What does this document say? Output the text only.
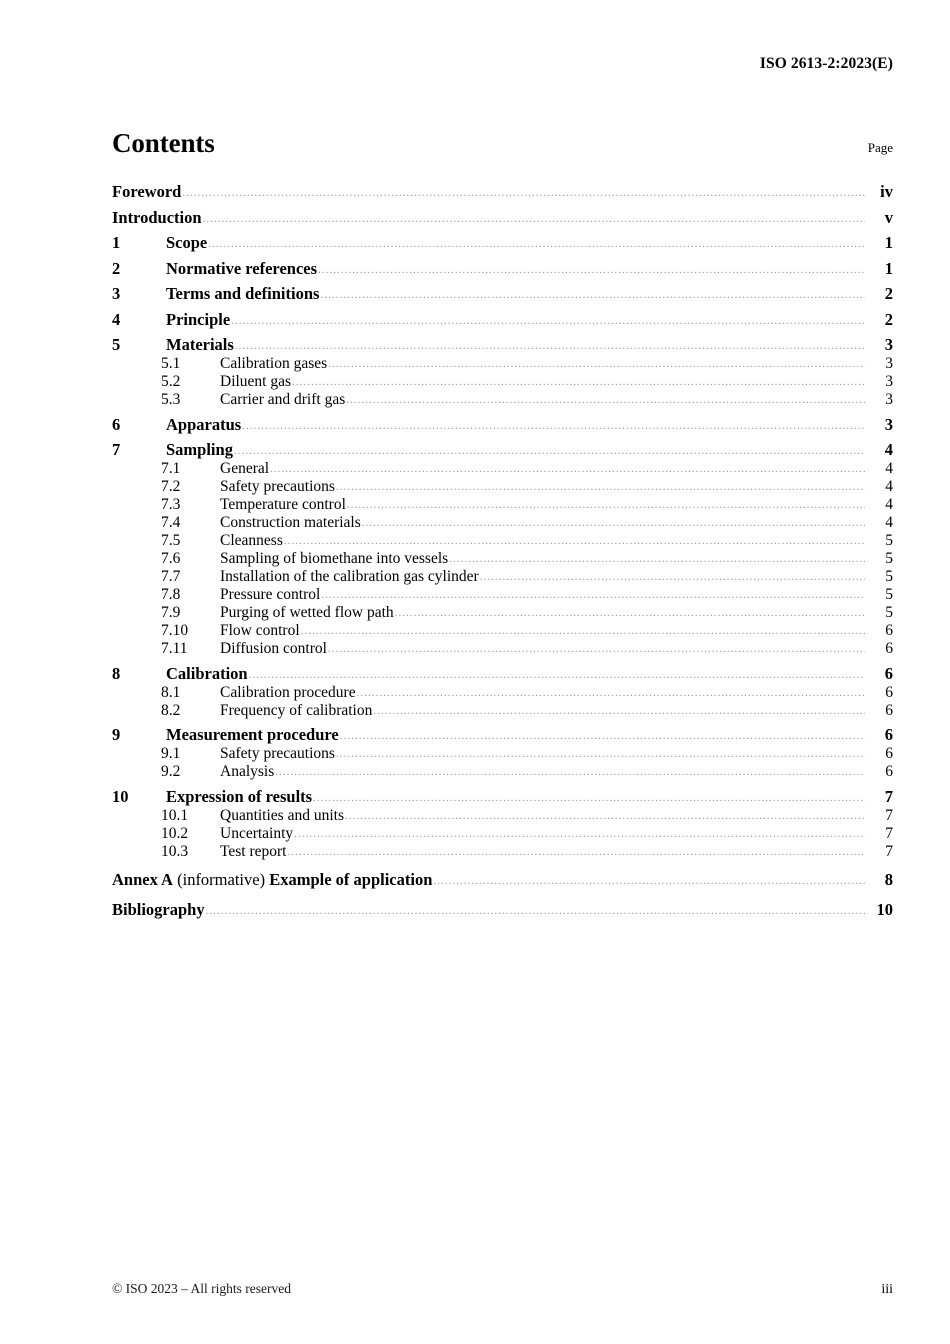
ISO 2613-2:2023(E)
Contents	Page
Foreword .....	iv
Introduction .....	v
1	Scope .....	1
2	Normative references .....	1
3	Terms and definitions .....	2
4	Principle .....	2
5	Materials .....	3
5.1	Calibration gases .....	3
5.2	Diluent gas .....	3
5.3	Carrier and drift gas .....	3
6	Apparatus .....	3
7	Sampling .....	4
7.1	General .....	4
7.2	Safety precautions .....	4
7.3	Temperature control .....	4
7.4	Construction materials .....	4
7.5	Cleanness .....	5
7.6	Sampling of biomethane into vessels .....	5
7.7	Installation of the calibration gas cylinder .....	5
7.8	Pressure control .....	5
7.9	Purging of wetted flow path .....	5
7.10	Flow control .....	6
7.11	Diffusion control .....	6
8	Calibration .....	6
8.1	Calibration procedure .....	6
8.2	Frequency of calibration .....	6
9	Measurement procedure .....	6
9.1	Safety precautions .....	6
9.2	Analysis .....	6
10	Expression of results .....	7
10.1	Quantities and units .....	7
10.2	Uncertainty .....	7
10.3	Test report .....	7
Annex A (informative) Example of application .....	8
Bibliography .....	10
© ISO 2023 – All rights reserved	iii
